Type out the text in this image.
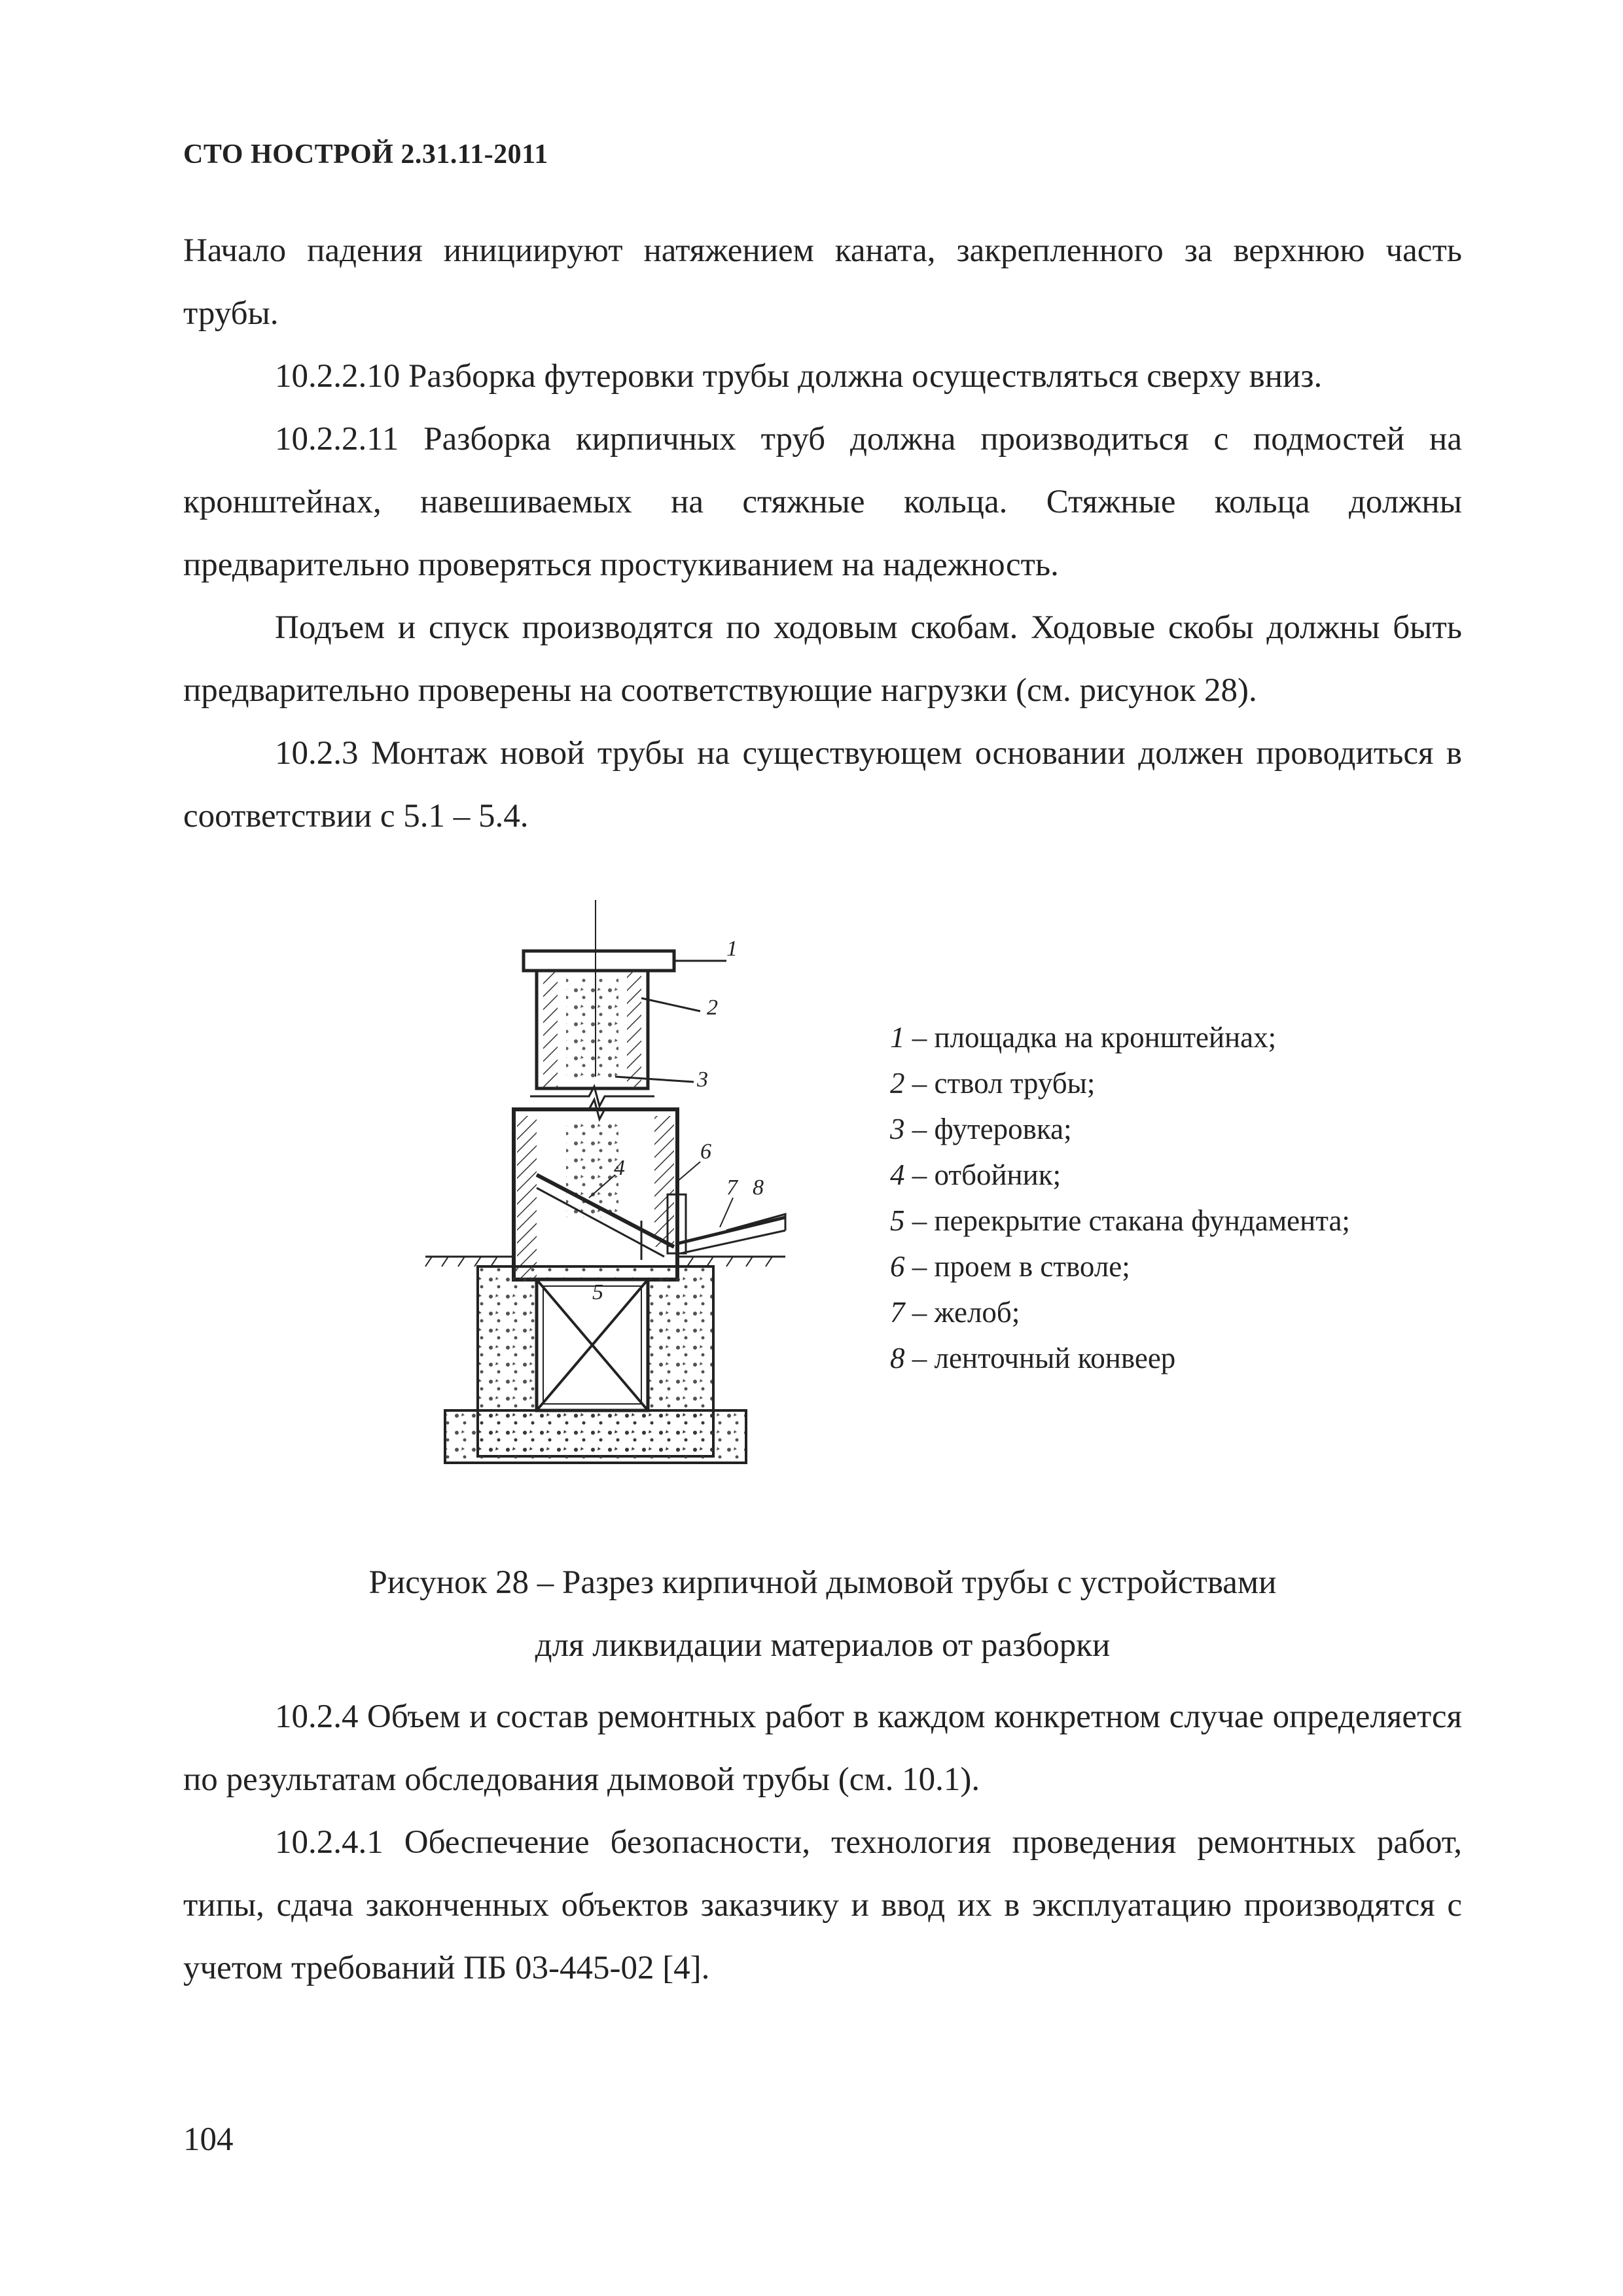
СТО НОСТРОЙ 2.31.11-2011

Начало падения инициируют натяжением каната, закрепленного за верхнюю часть трубы.

10.2.2.10 Разборка футеровки трубы должна осуществляться сверху вниз.

10.2.2.11 Разборка кирпичных труб должна производиться с подмостей на кронштейнах, навешиваемых на стяжные кольца. Стяжные кольца должны предварительно проверяться простукиванием на надежность.

Подъем и спуск производятся по ходовым скобам. Ходовые скобы должны быть предварительно проверены на соответствующие нагрузки (см. рисунок 28).

10.2.3 Монтаж новой трубы на существующем основании должен проводиться в соответствии с 5.1 – 5.4.

1
2
3
4
5
6
7 8
1 – площадка на кронштейнах;
2 – ствол трубы;
3 – футеровка;
4 – отбойник;
5 – перекрытие стакана фундамента;
6 – проем в стволе;
7 – желоб;
8 – ленточный конвеер
Рисунок 28 – Разрез кирпичной дымовой трубы с устройствами
для ликвидации материалов от разборки

10.2.4 Объем и состав ремонтных работ в каждом конкретном случае определяется по результатам обследования дымовой трубы (см. 10.1).

10.2.4.1 Обеспечение безопасности, технология проведения ремонтных работ, типы, сдача законченных объектов заказчику и ввод их в эксплуатацию производятся с учетом требований ПБ 03-445-02 [4].

104
